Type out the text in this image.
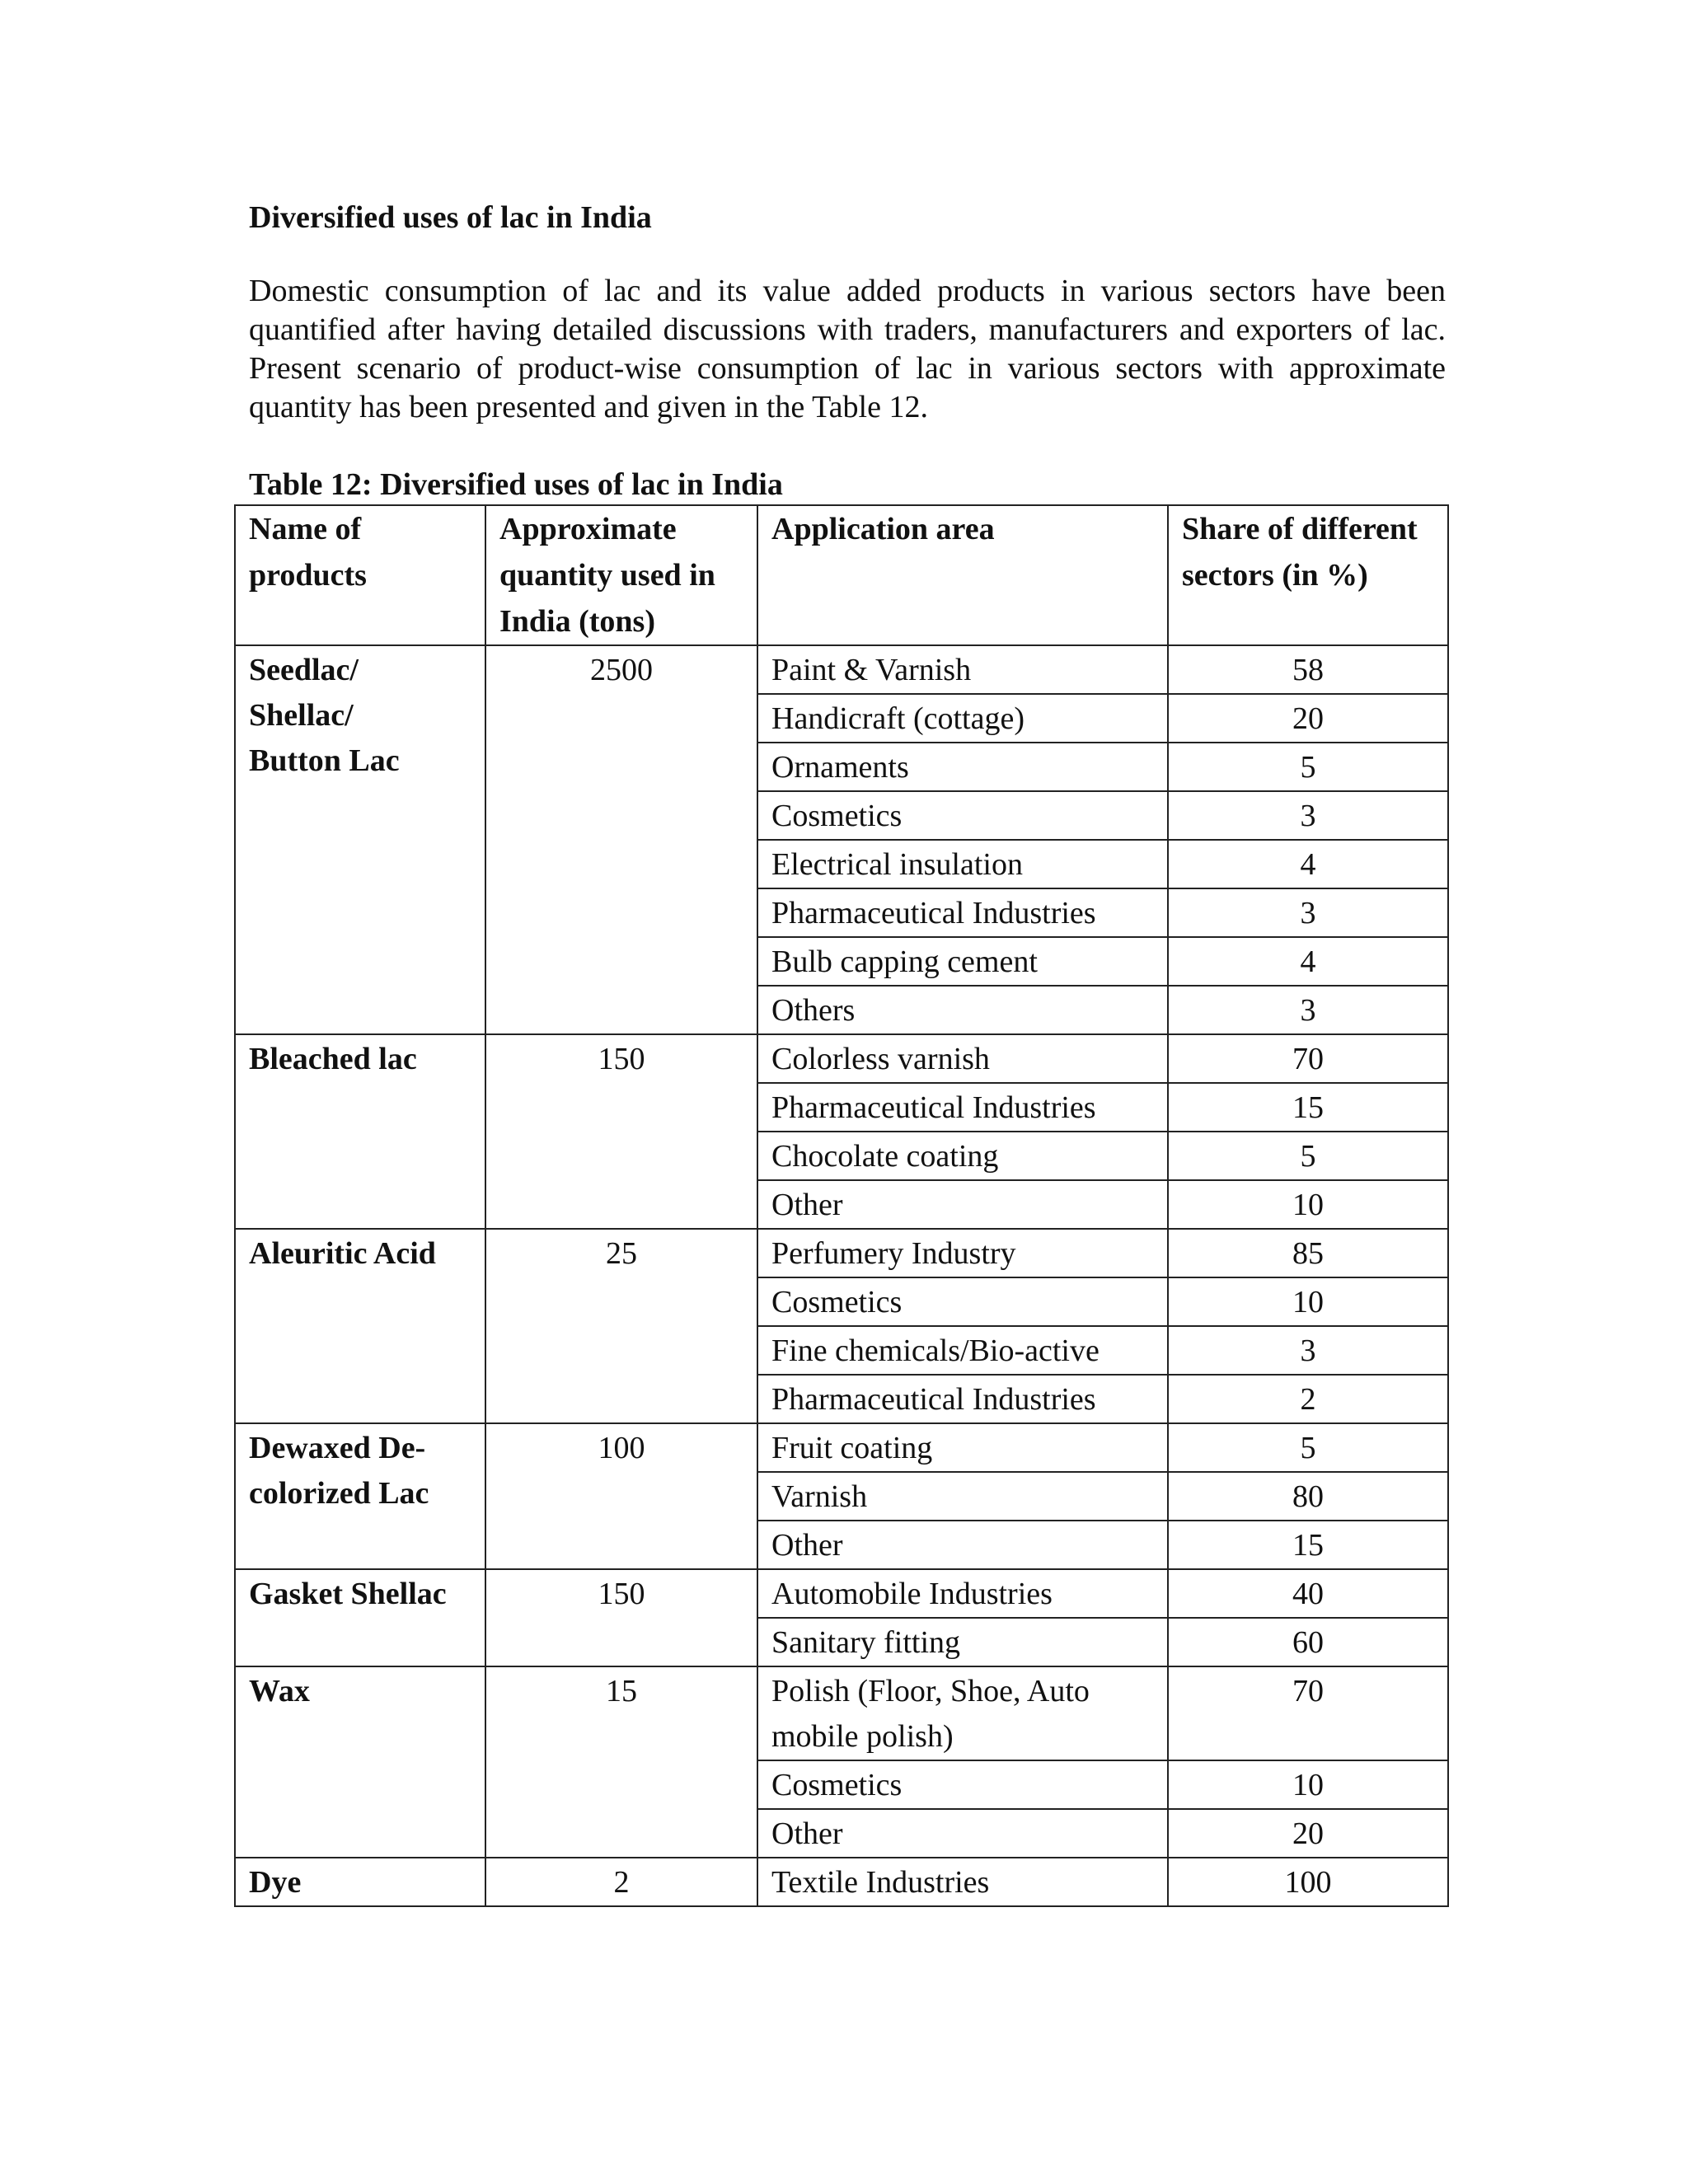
Diversified uses of lac in India

Domestic consumption of lac and its value added products in various sectors have been quantified after having detailed discussions with traders, manufacturers and exporters of lac. Present scenario of product-wise consumption of lac in various sectors with approximate quantity has been presented and given in the Table 12.

Table 12: Diversified uses of lac in India

Name of products	Approximate quantity used in India (tons)	Application area	Share of different sectors (in %)
Seedlac/
Shellac/
Button Lac	2500	Paint & Varnish	58
		Handicraft (cottage)	20
		Ornaments	5
		Cosmetics	3
		Electrical insulation	4
		Pharmaceutical Industries	3
		Bulb capping cement	4
		Others	3
Bleached lac	150	Colorless varnish	70
		Pharmaceutical Industries	15
		Chocolate coating	5
		Other	10
Aleuritic Acid	25	Perfumery Industry	85
		Cosmetics	10
		Fine chemicals/Bio-active	3
		Pharmaceutical Industries	2
Dewaxed De-
colorized Lac	100	Fruit coating	5
		Varnish	80
		Other	15
Gasket Shellac	150	Automobile Industries	40
		Sanitary fitting	60
Wax	15	Polish (Floor, Shoe, Auto mobile polish)	70
		Cosmetics	10
		Other	20
Dye	2	Textile Industries	100
